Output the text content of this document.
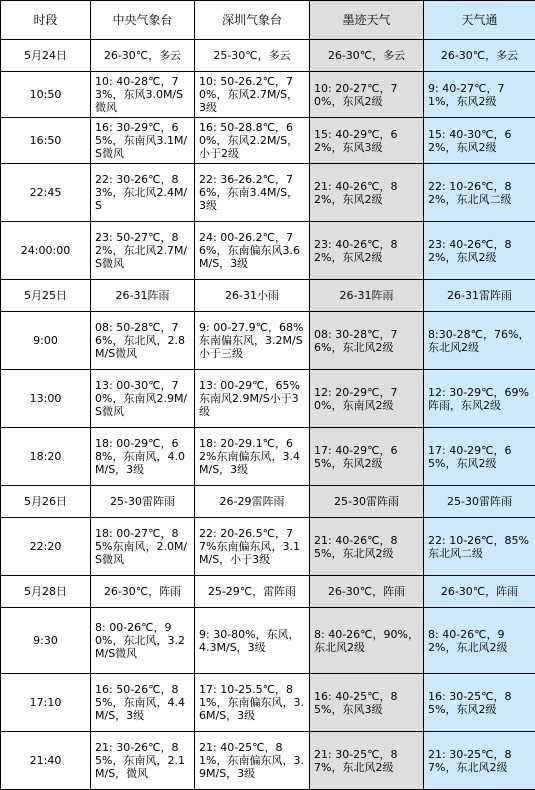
时段	中央气象台	深圳气象台	墨迹天气	天气通
5月24日	26-30℃，多云	25-30℃，多云	26-30℃，多云	26-30℃，多云
10:50	10: 40-28℃，73%，东风3.0M/S微风	10: 50-26.2℃，70%，东风2.7M/S，3级	10: 20-27℃，70%，东风2级	9: 40-27℃，71%，东风2级
16:50	16: 30-29℃，65%，东南风3.1M/S微风	16: 50-28.8℃，60%，东风2.2M/S，小于2级	15: 40-29℃，62%，东风3级	15: 40-30℃，62%，东风2级
22:45	22: 30-26℃，83%，东北风2.4M/S	22: 36-26.2℃，76%，东南3.4M/S，3级	21: 40-26℃，82%，东风2级	22: 10-26℃，82%，东北风二级
24:00:00	23: 50-27℃，82%，东北风2.7M/S微风	24: 00-26.2℃，76%，东南偏东风3.6M/S，3级	23: 40-26℃，82%，东风2级	23: 40-26℃，82%，东风2级
5月25日	26-31阵雨	26-31小雨	26-31阵雨	26-31雷阵雨
9:00	08: 50-28℃，76%，东北风，2.8M/S微风	9: 00-27.9℃，68%东南偏东风，3.2M/S小于三级	08: 30-28℃，76%，东北风2级	8:30-28℃，76%，东北风2级
13:00	13: 00-30℃，70%，东南风2.9M/S微风	13: 00-29℃，65%东南风2.9M/S小于3级	12: 20-29℃，70%，东南风2级	12: 30-29℃，69%阵雨，东风2级
18:20	18: 00-29℃，68%，东南风，4.0M/S，3级	18: 20-29.1℃，62%东南偏东风，3.4M/S，3级	17: 40-29℃，65%，东风2级	17: 40-29℃，65%，东风2级
5月26日	25-30雷阵雨	26-29雷阵雨	25-30雷阵雨	25-30雷阵雨
22:20	18: 00-27℃，85%东南风，2.0M/S微风	22: 20-26.5℃，77%东南偏东风，3.1M/S，小于3级	21: 40-26℃，85%，东北风2级	22: 10-26℃，85%东北风二级
5月28日	26-30℃，阵雨	25-29℃，雷阵雨	26-30℃，阵雨	26-30℃，阵雨
9:30	8: 00-26℃，90%，东北风，3.2M/S微风	9: 30-80%，东风，4.3M/S，3级	8: 40-26℃，90%，东北风2级	8: 40-26℃，92%，东北风2级
17:10	16: 50-26℃，85%，东南风，4.4M/S，3级	17: 10-25.5℃，81%，东南偏东风，3.6M/S，3级	16: 40-25℃，85%，东风3级	16: 30-25℃，85%，东风2级
21:40	21: 30-26℃，85%，东南风，2.1M/S，微风	21: 40-25℃，81%，东南偏东风，3.9M/S，3级	21: 30-25℃，87%，东北风2级	21: 30-25℃，87%，东北风2级
